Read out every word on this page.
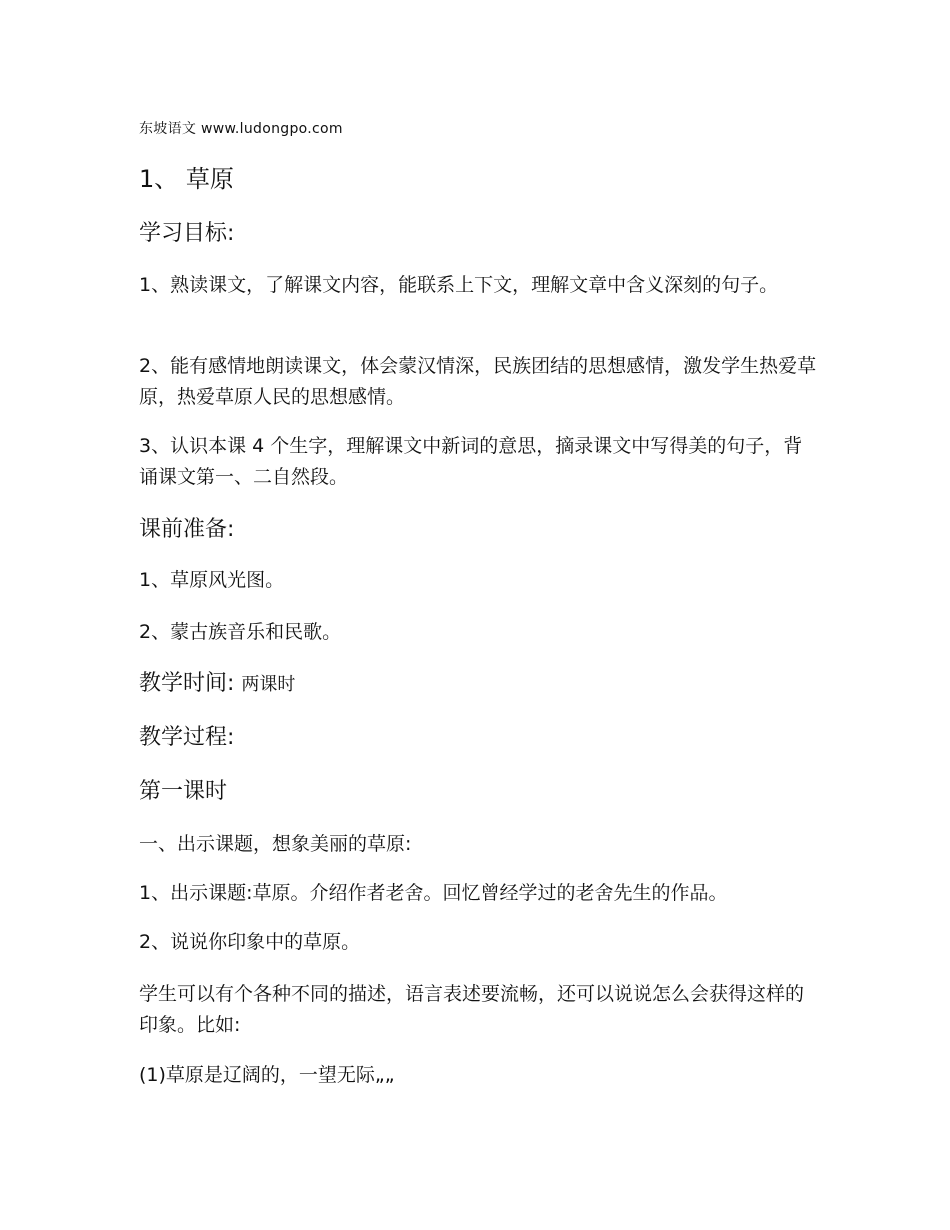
东坡语文 www.ludongpo.com

1、 草原

学习目标:

1、熟读课文，了解课文内容，能联系上下文，理解文章中含义深刻的句子。

2、能有感情地朗读课文，体会蒙汉情深，民族团结的思想感情，激发学生热爱草原，热爱草原人民的思想感情。

3、认识本课 4 个生字，理解课文中新词的意思，摘录课文中写得美的句子，背诵课文第一、二自然段。

课前准备:

1、草原风光图。

2、蒙古族音乐和民歌。

教学时间: 两课时

教学过程:

第一课时

一、出示课题，想象美丽的草原:

1、出示课题:草原。介绍作者老舍。回忆曾经学过的老舍先生的作品。

2、说说你印象中的草原。

学生可以有个各种不同的描述，语言表述要流畅，还可以说说怎么会获得这样的印象。比如:

(1)草原是辽阔的，一望无际„„
